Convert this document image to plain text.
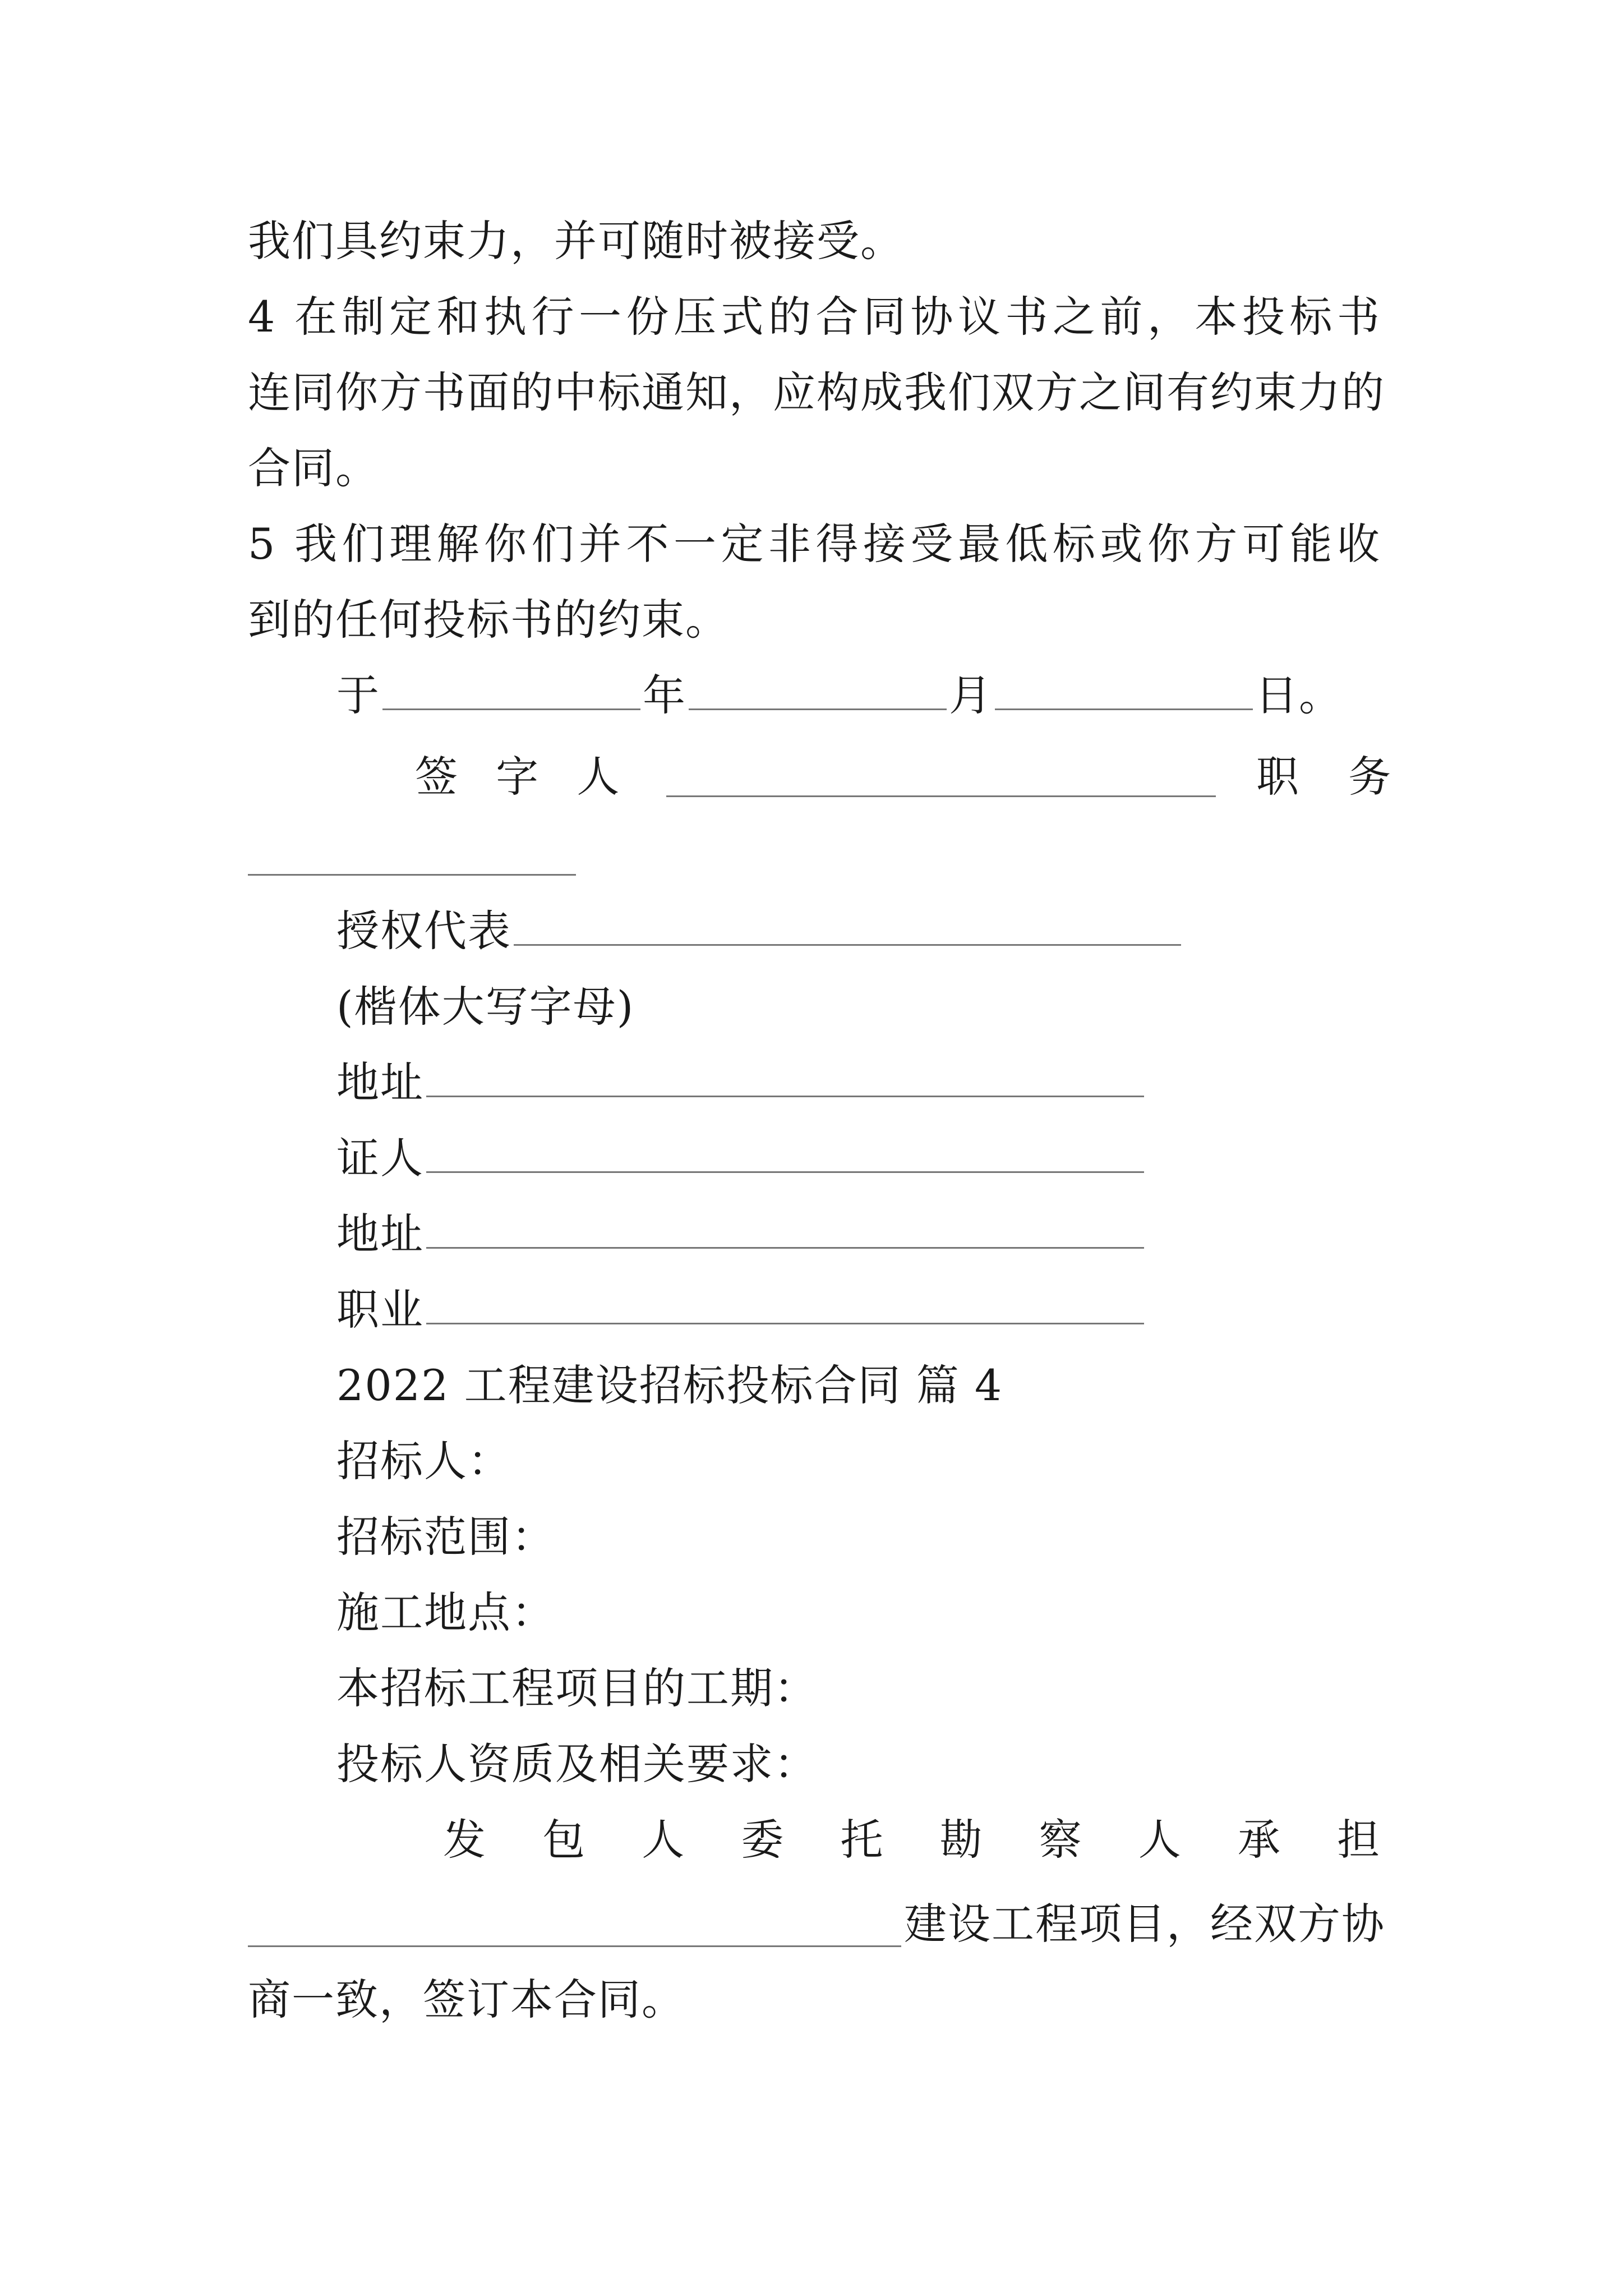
我们具约束力，并可随时被接受。
4 在制定和执行一份压式的合同协议书之前，本投标书
连同你方书面的中标通知，应构成我们双方之间有约束力的
合同。
5 我们理解你们并不一定非得接受最低标或你方可能收
到的任何投标书的约束。
于	年	月	日。
签 字 人	职 务
授权代表
(楷体大写字母)
地址
证人
地址
职业
2022 工程建设招标投标合同 篇 4
招标人：
招标范围：
施工地点：
本招标工程项目的工期：
投标人资质及相关要求：
发 包 人 委 托 勘 察 人 承 担
建设工程项目，经双方协
商一致，签订本合同。
